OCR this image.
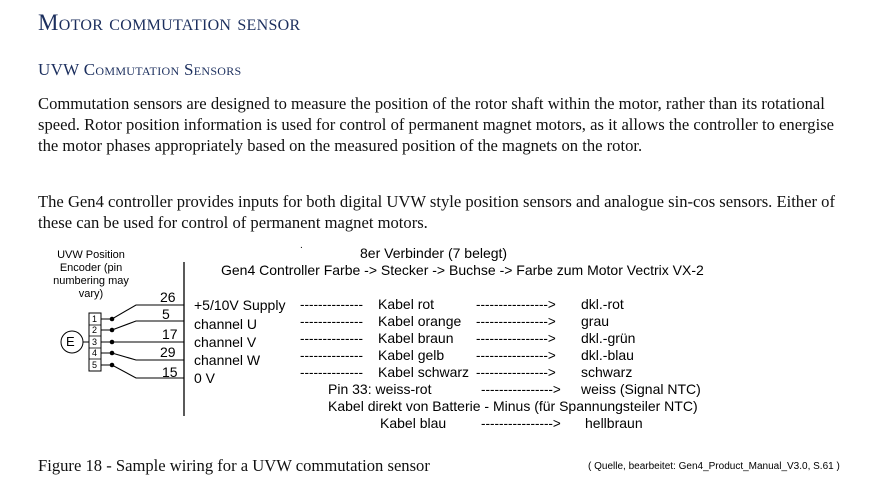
Motor commutation sensor
UVW Commutation Sensors

Commutation sensors are designed to measure the position of the rotor shaft within the motor, rather than its rotational speed. Rotor position information is used for control of permanent magnet motors, as it allows the controller to energise the motor phases appropriately based on the measured position of the magnets on the rotor.

The Gen4 controller provides inputs for both digital UVW style position sensors and analogue sin-cos sensors. Either of these can be used for control of permanent magnet motors.

UVW Position Encoder (pin numbering may vary)
E
1
2
3
4
5
26
5
17
29
15
+5/10V Supply
channel U
channel V
channel W
0 V
8er Verbinder (7 belegt)
.
Gen4 Controller Farbe -> Stecker -> Buchse -> Farbe zum Motor Vectrix VX-2
-------------- Kabel rot	----------------> dkl.-rot
-------------- Kabel orange ----------------> grau
-------------- Kabel braun ----------------> dkl.-grün
-------------- Kabel gelb ----------------> dkl.-blau
-------------- Kabel schwarz ----------------> schwarz
Pin 33: weiss-rot	----------------> weiss (Signal NTC)
Kabel direkt von Batterie - Minus (für Spannungsteiler NTC)
Kabel blau	----------------> hellbraun

Figure 18 - Sample wiring for a UVW commutation sensor	( Quelle, bearbeitet: Gen4_Product_Manual_V3.0, S.61 )
